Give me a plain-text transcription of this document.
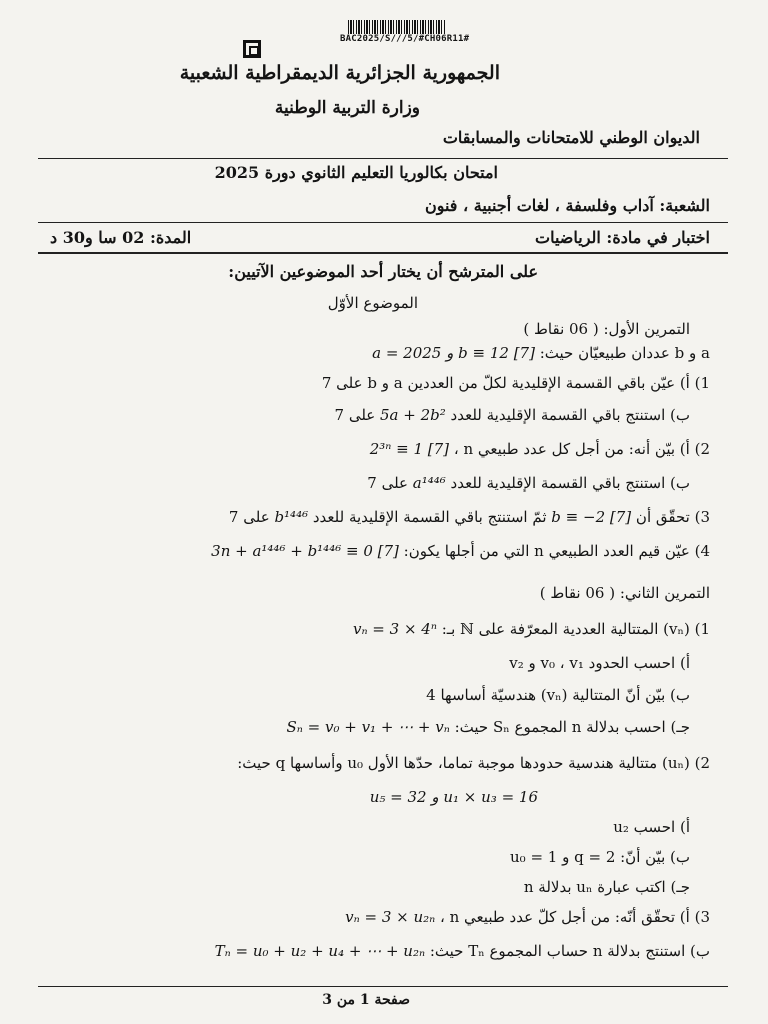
BAC2025/S///5/#CH06R11#
الجمهورية الجزائرية الديمقراطية الشعبية
وزارة التربية الوطنية
الديوان الوطني للامتحانات والمسابقات
امتحان بكالوريا التعليم الثانوي دورة 2025
الشعبة: آداب وفلسفة ، لغات أجنبية ، فنون
اختبار في مادة: الرياضيات
المدة: 02 سا و30 د
على المترشح أن يختار أحد الموضوعين الآتيين:
الموضوع الأوّل
التمرين الأول: ( 06 نقاط )
a و b عددان طبيعيّان حيث: a = 2025 و b ≡ 12 [7]
1) أ) عيّن باقي القسمة الإقليدية لكلّ من العددين a و b على 7
ب) استنتج باقي القسمة الإقليدية للعدد 5a + 2b² على 7
2) أ) بيّن أنه: من أجل كل عدد طبيعي n ، 2³ⁿ ≡ 1 [7]
ب) استنتج باقي القسمة الإقليدية للعدد a¹⁴⁴⁶ على 7
3) تحقّق أن b ≡ −2 [7] ثمّ استنتج باقي القسمة الإقليدية للعدد b¹⁴⁴⁶ على 7
4) عيّن قيم العدد الطبيعي n التي من أجلها يكون: 3n + a¹⁴⁴⁶ + b¹⁴⁴⁶ ≡ 0 [7]
التمرين الثاني: ( 06 نقاط )
1) (vₙ) المتتالية العددية المعرّفة على ℕ بـ: vₙ = 3 × 4ⁿ
أ) احسب الحدود v₀ ، v₁ و v₂
ب) بيّن أنّ المتتالية (vₙ) هندسيّة أساسها 4
جـ) احسب بدلالة n المجموع Sₙ حيث: Sₙ = v₀ + v₁ + ⋯ + vₙ
2) (uₙ) متتالية هندسية حدودها موجبة تماما، حدّها الأول u₀ وأساسها q حيث:
u₅ = 32 و u₁ × u₃ = 16
أ) احسب u₂
ب) بيّن أنّ: q = 2 و u₀ = 1
جـ) اكتب عبارة uₙ بدلالة n
3) أ) تحقّق أنّه: من أجل كلّ عدد طبيعي n ، vₙ = 3 × u₂ₙ
ب) استنتج بدلالة n حساب المجموع Tₙ حيث: Tₙ = u₀ + u₂ + u₄ + ⋯ + u₂ₙ
صفحة 1 من 3
